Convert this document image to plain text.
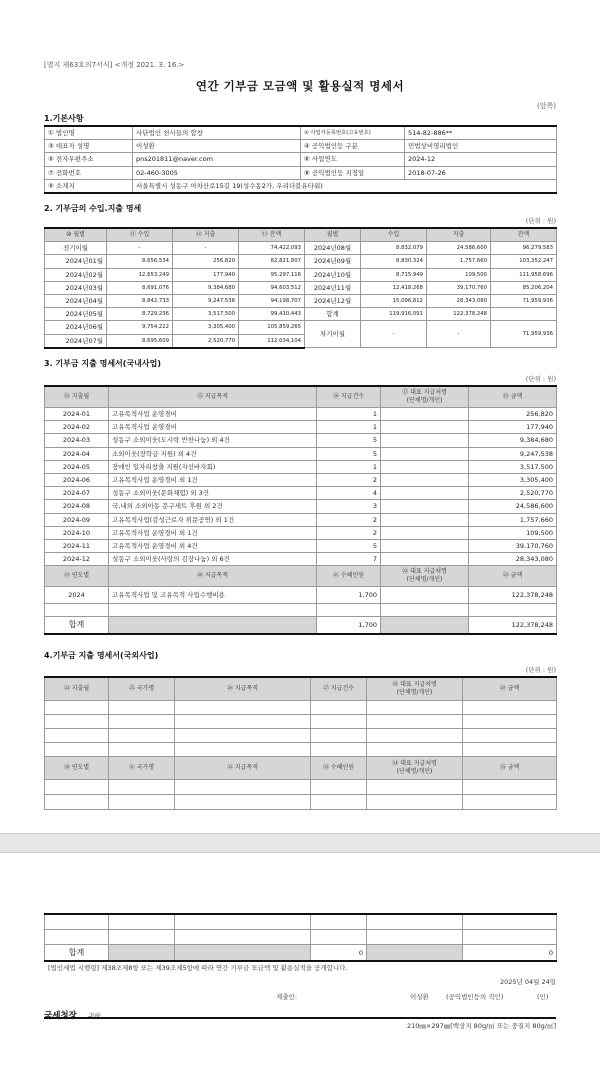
[별지 제63호의7서식] <개정 2021. 3. 16.>
연간 기부금 모금액 및 활용실적 명세서
(앞쪽)
1.기본사항
① 법인명	사단법인 천사들의 합창	② 사업자등록번호(고유번호)	514-82-886**
③ 대표자 성명	이성환	④ 공익법인등 구분	민법상비영리법인
⑤ 전자우편주소	pns201811@naver.com	⑥ 사업연도	2024-12
⑦ 전화번호	02-460-3005	⑧ 공익법인등 지정일	2018-07-26
⑨ 소재지	서울특별시 성동구 아차산로15길 19(성수동2가, 우리더블유타워)		
2. 기부금의 수입.지출 명세
(단위 : 원)
⑩ 월별	⑪ 수입	⑫ 지출	⑬ 잔액	월별	수입	지출	잔액
전기이월	-	-	74,422,093	2024년08월	8,832,079	24,586,600	96,279,583
2024년01월	8,656,534	256,820	82,821,807	2024년09월	8,830,324	1,757,660	103,352,247
2024년02월	12,653,249	177,940	95,297,116	2024년10월	8,715,949	109,500	111,958,696
2024년03월	8,691,076	9,384,680	94,603,512	2024년11월	12,418,268	39,170,760	85,206,204
2024년04월	8,842,733	9,247,538	94,198,707	2024년12월	15,096,812	28,343,080	71,959,936
2024년05월	8,729,236	3,517,500	99,410,443	합계	119,916,091	122,378,248	
2024년06월	9,754,222	3,305,400	105,859,265	차기이월	-	-	71,959,936
2024년07월	8,695,609	2,520,770	112,034,104				
3. 기부금 지출 명세서(국내사업)
(단위 : 원)
⑭ 지출월	⑮ 지급목적	⑯ 지급건수	⑰ 대표 지급처명
(단체명/개인)	⑱ 금액
2024-01	고유목적사업 운영경비	1		256,820
2024-02	고유목적사업 운영경비	1		177,940
2024-03	성동구 소외이웃(도시락 반찬나눔) 외 4건	5		9,384,680
2024-04	소외이웃(장학금 지원) 외 4건	5		9,247,538
2024-05	장애인 일자리창출 지원(자선바자회)	1		3,517,500
2024-06	고유목적사업 운영경비 외 1건	2		3,305,400
2024-07	성동구 소외이웃(문화체험) 외 3건	4		2,520,770
2024-08	국,내외 소외아동 문구세트 후원 외 2건	3		24,586,600
2024-09	고유목적사업(감성근로자 위문공연) 외 1건	2		1,757,660
2024-10	고유목적사업 운영경비 외 1건	2		109,500
2024-11	고유목적사업 운영경비 외 4건	5		39,170,760
2024-12	성동구 소외이웃(사랑의 김장나눔) 외 6건	7		28,343,080
⑲ 연도별	⑳ 지급목적	㉑ 수혜인원	㉒ 대표 지급처명
(단체명/개인)	㉓ 금액
2024	고유목적사업 및 고유목적 사업수행비용	1,700		122,378,248

합계		1,700		122,378,248
4.기부금 지출 명세서(국외사업)
(단위 : 원)
㉔ 지출월	㉕ 국가명	㉖ 지급목적	㉗ 지급건수	㉘ 대표 지급처명
(단체명/개인)	㉙ 금액

㉚ 연도별	㉛ 국가명	㉜ 지급목적	㉝ 수혜인원	㉞ 대표 지급처명
(단체명/개인)	㉟ 금액

합계			0		0
[법인세법 시행령] 제38조제8항 또는 제39조제5항에 따라 연간 기부금 모금액 및 활용실적을 공개합니다.
2025년 04월 24일
제출인:	이성환	(공익법인등의 직인)	(인)
국세청장 귀하
210㎜×297㎜[백상지 80g/㎡ 또는 중질지 80g/㎡]
